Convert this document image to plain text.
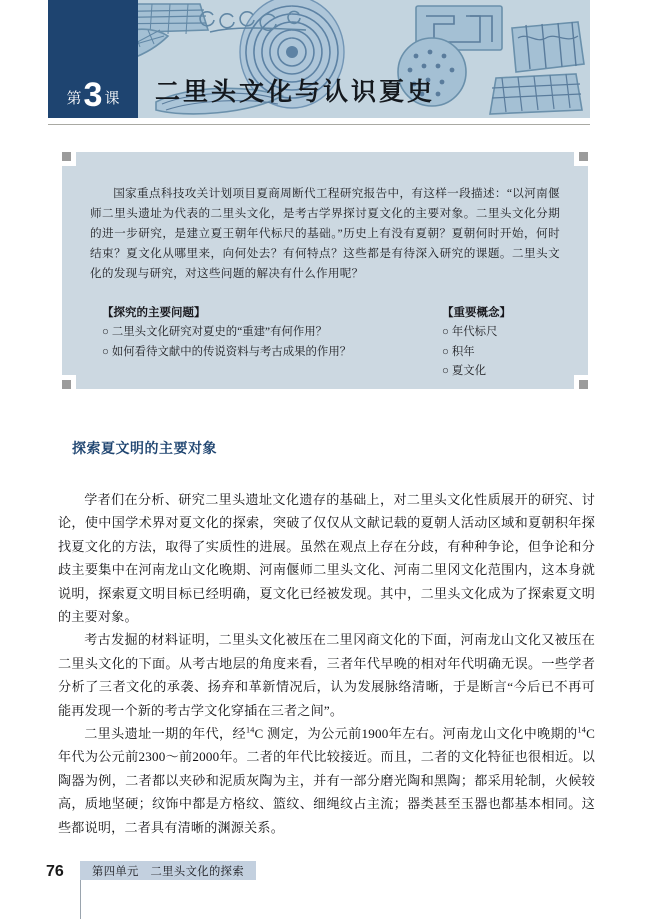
第 3 课 二里头文化与认识夏史
国家重点科技攻关计划项目夏商周断代工程研究报告中，有这样一段描述：“以河南偃师二里头遗址为代表的二里头文化，是考古学界探讨夏文化的主要对象。二里头文化分期的进一步研究，是建立夏王朝年代标尺的基础。”历史上有没有夏朝？夏朝何时开始，何时结束？夏文化从哪里来，向何处去？有何特点？这些都是有待深入研究的课题。二里头文化的发现与研究，对这些问题的解决有什么作用呢？
【探究的主要问题】
○ 二里头文化研究对夏史的“重建”有何作用？
○ 如何看待文献中的传说资料与考古成果的作用？
【重要概念】
○ 年代标尺
○ 积年
○ 夏文化
探索夏文明的主要对象

学者们在分析、研究二里头遗址文化遗存的基础上，对二里头文化性质展开的研究、讨论，使中国学术界对夏文化的探索，突破了仅仅从文献记载的夏朝人活动区域和夏朝积年探找夏文化的方法，取得了实质性的进展。虽然在观点上存在分歧，有种种争论，但争论和分歧主要集中在河南龙山文化晚期、河南偃师二里头文化、河南二里冈文化范围内，这本身就说明，探索夏文明目标已经明确，夏文化已经被发现。其中，二里头文化成为了探索夏文明的主要对象。

考古发掘的材料证明，二里头文化被压在二里冈商文化的下面，河南龙山文化又被压在二里头文化的下面。从考古地层的角度来看，三者年代早晚的相对年代明确无误。一些学者分析了三者文化的承袭、扬弃和革新情况后，认为发展脉络清晰，于是断言“今后已不再可能再发现一个新的考古学文化穿插在三者之间”。

二里头遗址一期的年代，经$^{14}$C 测定，为公元前1900年左右。河南龙山文化中晚期的$^{14}$C 年代为公元前2300～前2000年。二者的年代比较接近。而且，二者的文化特征也很相近。以陶器为例，二者都以夹砂和泥质灰陶为主，并有一部分磨光陶和黑陶；都采用轮制，火候较高，质地坚硬；纹饰中都是方格纹、篮纹、细绳纹占主流；器类甚至玉器也都基本相同。这些都说明，二者具有清晰的渊源关系。

76 第四单元　二里头文化的探索
